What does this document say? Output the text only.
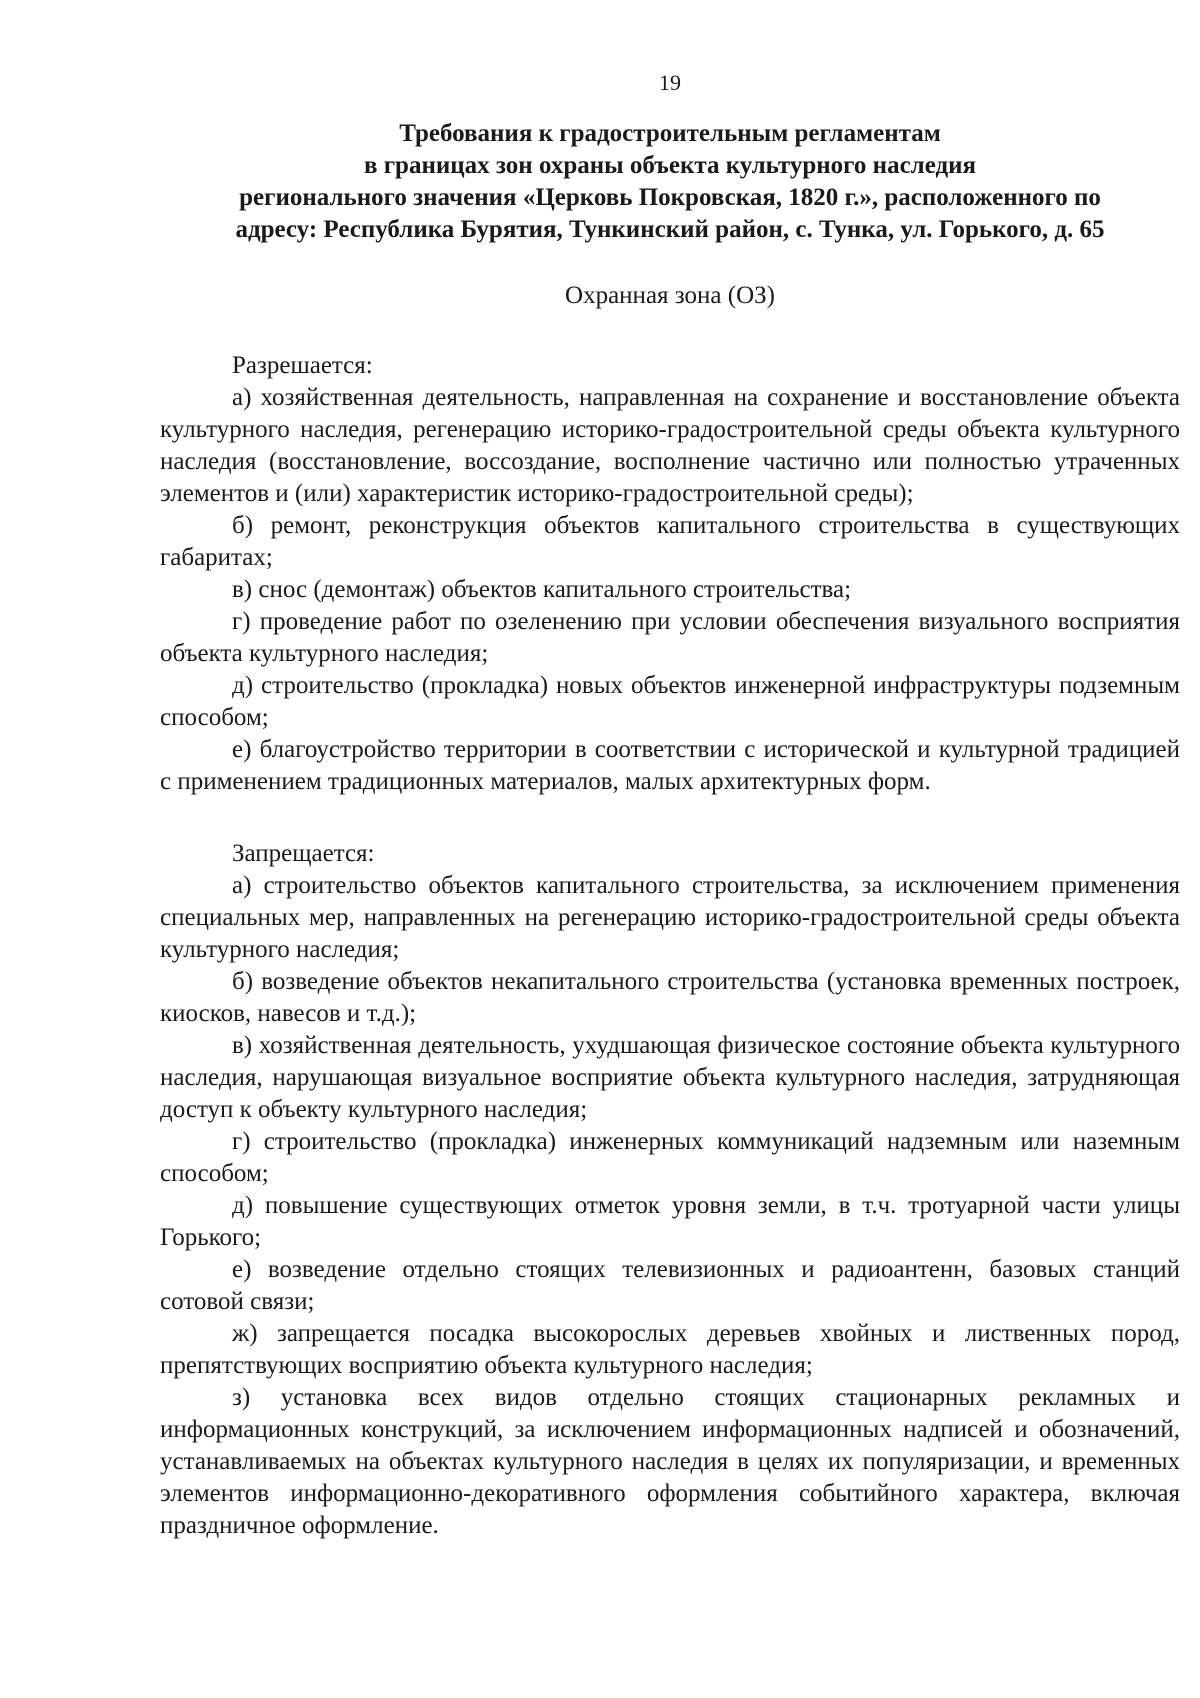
19
Требования к градостроительным регламентам
в границах зон охраны объекта культурного наследия
регионального значения «Церковь Покровская, 1820 г.», расположенного по
адресу: Республика Бурятия, Тункинский район, с. Тунка, ул. Горького, д. 65
Охранная зона (ОЗ)

Разрешается:

а) хозяйственная деятельность, направленная на сохранение и восстановление объекта культурного наследия, регенерацию историко-градостроительной среды объекта культурного наследия (восстановление, воссоздание, восполнение частично или полностью утраченных элементов и (или) характеристик историко-градостроительной среды);

б) ремонт, реконструкция объектов капитального строительства в существующих габаритах;

в) снос (демонтаж) объектов капитального строительства;

г) проведение работ по озеленению при условии обеспечения визуального восприятия объекта культурного наследия;

д) строительство (прокладка) новых объектов инженерной инфраструктуры подземным способом;

е) благоустройство территории в соответствии с исторической и культурной традицией с применением традиционных материалов, малых архитектурных форм.

Запрещается:

а) строительство объектов капитального строительства, за исключением применения специальных мер, направленных на регенерацию историко-градостроительной среды объекта культурного наследия;

б) возведение объектов некапитального строительства (установка временных построек, киосков, навесов и т.д.);

в) хозяйственная деятельность, ухудшающая физическое состояние объекта культурного наследия, нарушающая визуальное восприятие объекта культурного наследия, затрудняющая доступ к объекту культурного наследия;

г) строительство (прокладка) инженерных коммуникаций надземным или наземным способом;

д) повышение существующих отметок уровня земли, в т.ч. тротуарной части улицы Горького;

е) возведение отдельно стоящих телевизионных и радиоантенн, базовых станций сотовой связи;

ж) запрещается посадка высокорослых деревьев хвойных и лиственных пород, препятствующих восприятию объекта культурного наследия;

з) установка всех видов отдельно стоящих стационарных рекламных и информационных конструкций, за исключением информационных надписей и обозначений, устанавливаемых на объектах культурного наследия в целях их популяризации, и временных элементов информационно-декоративного оформления событийного характера, включая праздничное оформление.
